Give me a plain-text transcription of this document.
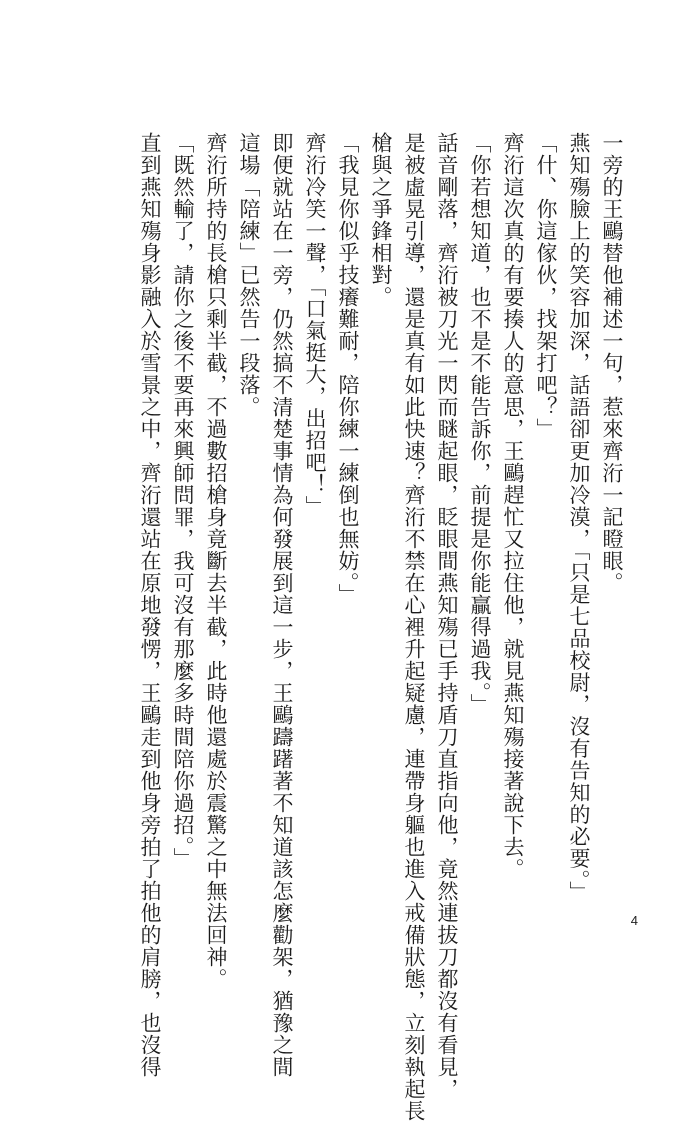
一旁的王鷗替他補述一句，惹來齊洐一記瞪眼。

燕知殤臉上的笑容加深，話語卻更加冷漠，「只是七品校尉，沒有告知的必要。」

「什、你這傢伙，找架打吧？」

齊洐這次真的有要揍人的意思，王鷗趕忙又拉住他，就見燕知殤接著說下去。

「你若想知道，也不是不能告訴你，前提是你能贏得過我。」

話音剛落，齊洐被刀光一閃而瞇起眼，眨眼間燕知殤已手持盾刀直指向他，竟然連拔刀都沒有看見，

是被虛晃引導，還是真有如此快速？齊洐不禁在心裡升起疑慮，連帶身軀也進入戒備狀態，立刻執起長

槍與之爭鋒相對。

「我見你似乎技癢難耐，陪你練一練倒也無妨。」

齊洐冷笑一聲，「口氣挺大，出招吧！」

即便就站在一旁，仍然搞不清楚事情為何發展到這一步，王鷗躊躇著不知道該怎麼勸架，猶豫之間

這場「陪練」已然告一段落。

齊洐所持的長槍只剩半截，不過數招槍身竟斷去半截，此時他還處於震驚之中無法回神。

「既然輸了，請你之後不要再來興師問罪，我可沒有那麼多時間陪你過招。」

直到燕知殤身影融入於雪景之中，齊洐還站在原地發愣，王鷗走到他身旁拍了拍他的肩膀，也沒得	4
